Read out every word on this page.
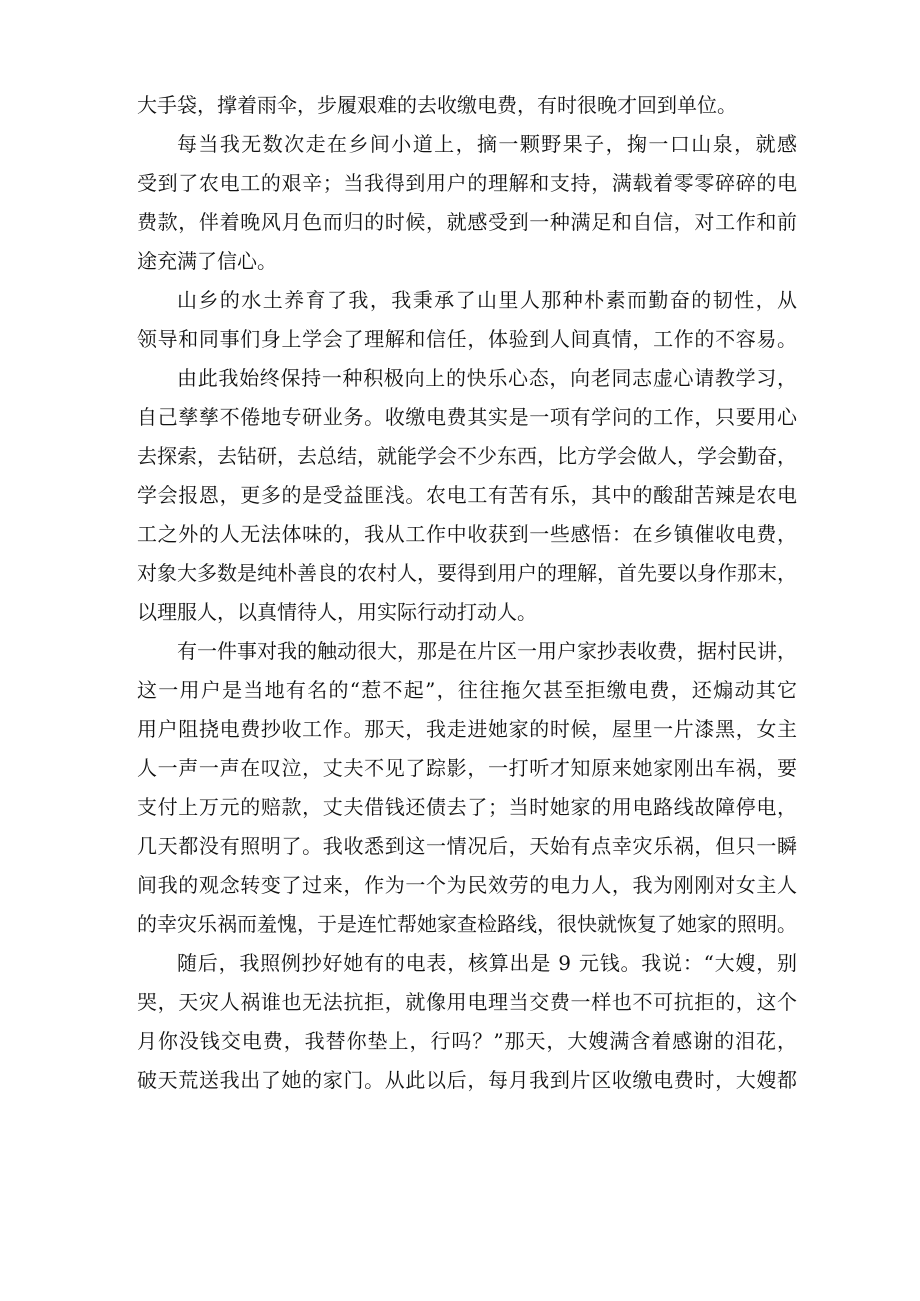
大手袋，撑着雨伞，步履艰难的去收缴电费，有时很晚才回到单位。
每当我无数次走在乡间小道上，摘一颗野果子，掬一口山泉，就感
受到了农电工的艰辛；当我得到用户的理解和支持，满载着零零碎碎的电
费款，伴着晚风月色而归的时候，就感受到一种满足和自信，对工作和前
途充满了信心。
山乡的水土养育了我，我秉承了山里人那种朴素而勤奋的韧性，从
领导和同事们身上学会了理解和信任，体验到人间真情，工作的不容易。
由此我始终保持一种积极向上的快乐心态，向老同志虚心请教学习，
自己孳孳不倦地专研业务。收缴电费其实是一项有学问的工作，只要用心
去探索，去钻研，去总结，就能学会不少东西，比方学会做人，学会勤奋，
学会报恩，更多的是受益匪浅。农电工有苦有乐，其中的酸甜苦辣是农电
工之外的人无法体味的，我从工作中收获到一些感悟：在乡镇催收电费，
对象大多数是纯朴善良的农村人，要得到用户的理解，首先要以身作那末，
以理服人，以真情待人，用实际行动打动人。
有一件事对我的触动很大，那是在片区一用户家抄表收费，据村民讲，
这一用户是当地有名的“惹不起”，往往拖欠甚至拒缴电费，还煽动其它
用户阻挠电费抄收工作。那天，我走进她家的时候，屋里一片漆黑，女主
人一声一声在叹泣，丈夫不见了踪影，一打听才知原来她家刚出车祸，要
支付上万元的赔款，丈夫借钱还债去了；当时她家的用电路线故障停电，
几天都没有照明了。我收悉到这一情况后，天始有点幸灾乐祸，但只一瞬
间我的观念转变了过来，作为一个为民效劳的电力人，我为刚刚对女主人
的幸灾乐祸而羞愧，于是连忙帮她家查检路线，很快就恢复了她家的照明。
随后，我照例抄好她有的电表，核算出是 9 元钱。我说：“大嫂，别
哭，天灾人祸谁也无法抗拒，就像用电理当交费一样也不可抗拒的，这个
月你没钱交电费，我替你垫上，行吗？”那天，大嫂满含着感谢的泪花，
破天荒送我出了她的家门。从此以后，每月我到片区收缴电费时，大嫂都
